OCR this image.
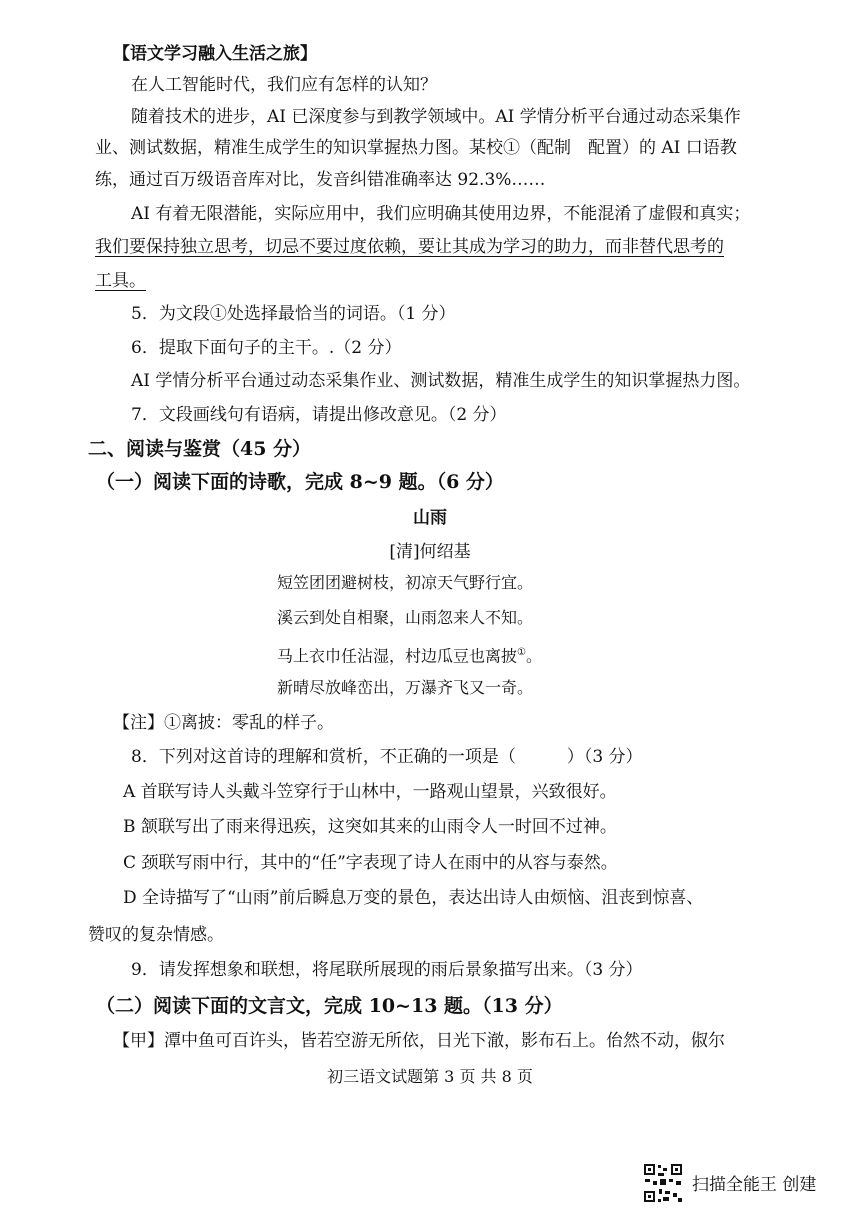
【语文学习融入生活之旅】
在人工智能时代，我们应有怎样的认知？
随着技术的进步，AI 已深度参与到教学领域中。AI 学情分析平台通过动态采集作
业、测试数据，精准生成学生的知识掌握热力图。某校①（配制　配置）的 AI 口语教
练，通过百万级语音库对比，发音纠错准确率达 92.3%……
AI 有着无限潜能，实际应用中，我们应明确其使用边界，不能混淆了虚假和真实；
我们要保持独立思考，切忌不要过度依赖，要让其成为学习的助力，而非替代思考的
工具。
5．为文段①处选择最恰当的词语。（1 分）
6．提取下面句子的主干。.（2 分）
AI 学情分析平台通过动态采集作业、测试数据，精准生成学生的知识掌握热力图。
7．文段画线句有语病，请提出修改意见。（2 分）
二、阅读与鉴赏（45 分）
（一）阅读下面的诗歌，完成 8~9 题。（6 分）
山雨
[清]何绍基
短笠团团避树枝，初凉天气野行宜。
溪云到处自相聚，山雨忽来人不知。
马上衣巾任沾湿，村边瓜豆也离披①。
新晴尽放峰峦出，万瀑齐飞又一奇。
【注】①离披：零乱的样子。
8．下列对这首诗的理解和赏析，不正确的一项是（　　　）（3 分）
A 首联写诗人头戴斗笠穿行于山林中，一路观山望景，兴致很好。
B 颔联写出了雨来得迅疾，这突如其来的山雨令人一时回不过神。
C 颈联写雨中行，其中的“任”字表现了诗人在雨中的从容与泰然。
D 全诗描写了“山雨”前后瞬息万变的景色，表达出诗人由烦恼、沮丧到惊喜、
赞叹的复杂情感。
9．请发挥想象和联想，将尾联所展现的雨后景象描写出来。（3 分）
（二）阅读下面的文言文，完成 10~13 题。（13 分）
【甲】潭中鱼可百许头，皆若空游无所依，日光下澈，影布石上。佁然不动，俶尔
初三语文试题第 3 页 共 8 页
扫描全能王 创建
